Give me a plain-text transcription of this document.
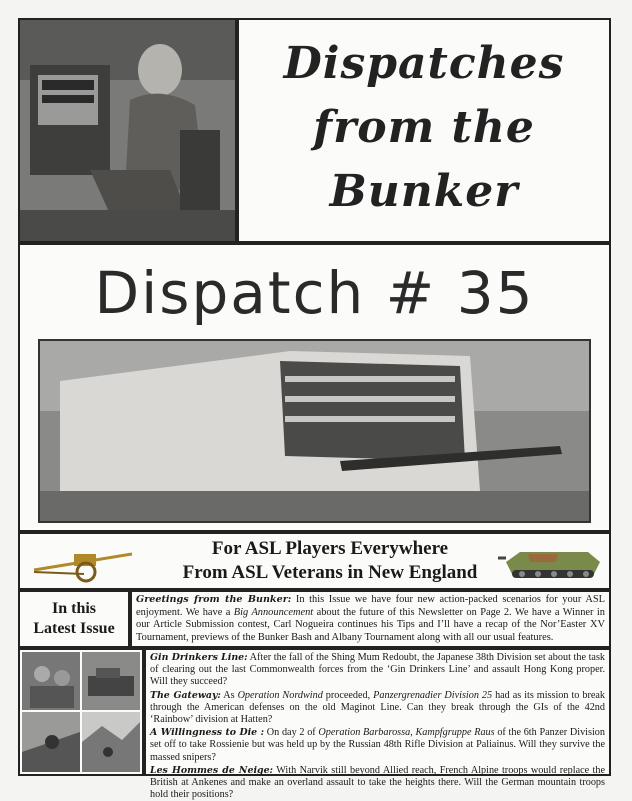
Dispatches
from the
Bunker
Dispatch # 35
For ASL Players Everywhere
From ASL Veterans in New England
In this
Latest Issue
Greetings from the Bunker: In this Issue we have four new action-packed scenarios for your ASL enjoyment. We have a Big Announcement about the future of this Newsletter on Page 2. We have a Winner in our Article Submission contest, Carl Nogueira continues his Tips and I’ll have a recap of the Nor’Easter XV Tournament, previews of the Bunker Bash and Albany Tournament along with all our usual features.
Gin Drinkers Line: After the fall of the Shing Mum Redoubt, the Japanese 38th Division set about the task of clearing out the last Commonwealth forces from the ‘Gin Drinkers Line’ and assault Hong Kong proper. Will they succeed?
The Gateway: As Operation Nordwind proceeded, Panzergrenadier Division 25 had as its mission to break through the American defenses on the old Maginot Line. Can they break through the GIs of the 42nd ‘Rainbow’ division at Hatten?
A Willingness to Die : On day 2 of Operation Barbarossa, Kampfgruppe Raus of the 6th Panzer Division set off to take Rossienie but was held up by the Russian 48th Rifle Division at Paliainus. Will they survive the massed snipers?
Les Hommes de Neige: With Narvik still beyond Allied reach, French Alpine troops would replace the British at Ankenes and make an overland assault to take the heights there. Will the German mountain troops hold their positions?
